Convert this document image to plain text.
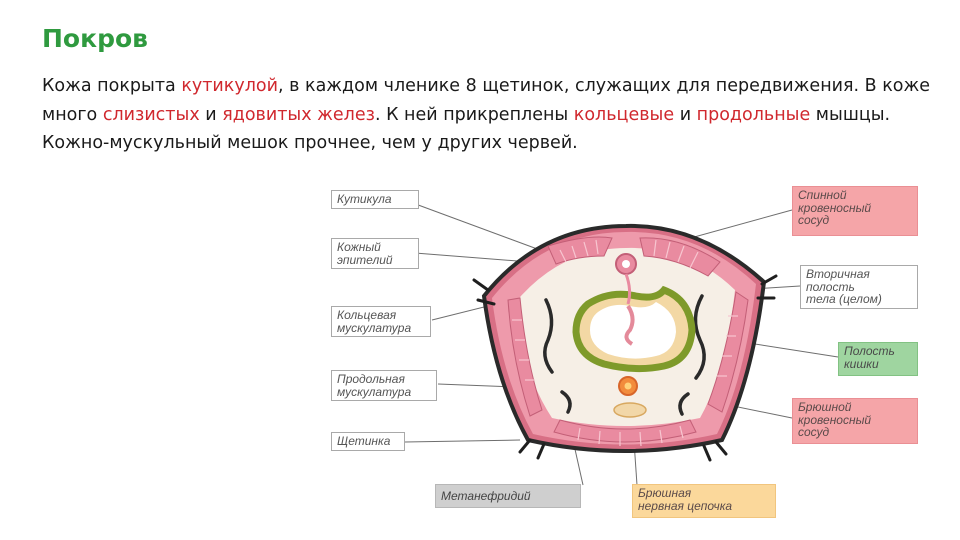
Покров

Кожа покрыта кутикулой, в каждом членике 8 щетинок, служащих для передвижения. В коже много слизистых и ядовитых желез. К ней прикреплены кольцевые и продольные мышцы. Кожно-мускульный мешок прочнее, чем у других червей.

Кутикула
Кожный
эпителий
Кольцевая
мускулатура
Продольная
мускулатура
Щетинка
Спинной
кровеносный
сосуд
Вторичная
полость
тела (целом)
Полость
кишки
Брюшной
кровеносный
сосуд
Метанефридий	Брюшная
нервная цепочка
